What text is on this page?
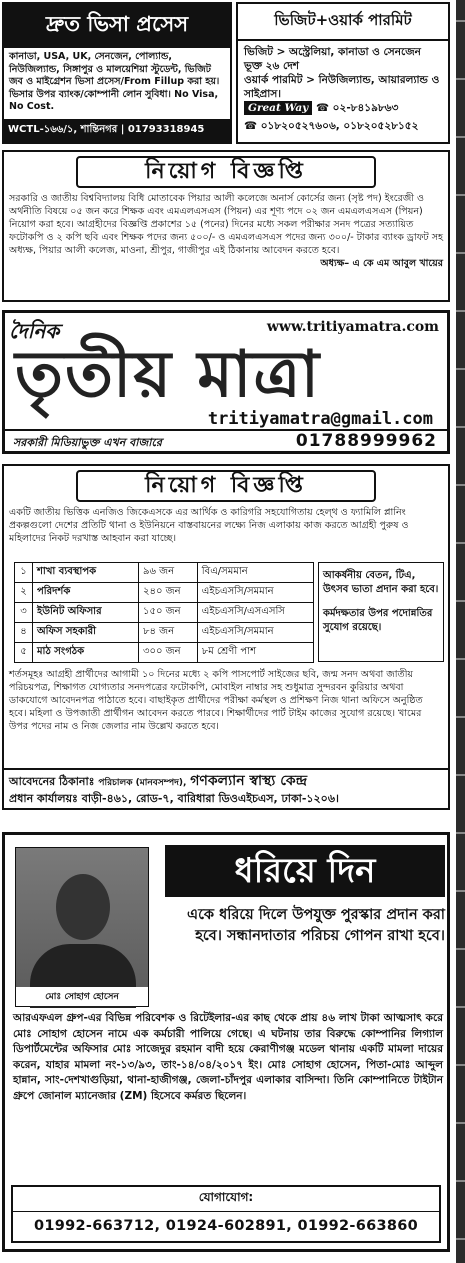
দ্রুত ভিসা প্রসেস
কানাডা, USA, UK, সেনজেন, পোল্যান্ড, নিউজিল্যান্ড, সিঙ্গাপুর ও মালয়েশিয়া স্টুডেন্ট, ভিজিট জব ও মাইগ্রেশন ভিসা প্রসেস/From Fillup করা হয়। ভিসার উপর ব্যাংক/কোম্পানী লোন সুবিধা। No Visa, No Cost.
WCTL-১৬৬/১, শান্তিনগর | 01793318945
ভিজিট+ওয়ার্ক পারমিট
ভিজিট > অস্ট্রেলিয়া, কানাডা ও সেনজেন ভূক্ত ২৬ দেশ
ওয়ার্ক পারমিট > নিউজিল্যান্ড, আয়ারল্যান্ড ও সাইপ্রাস।
Great Way ☎ ০২-৮৪১৯৮৬৩
☎ ০১৮২০৫২৭৬০৬, ০১৮২০৫২৮১৫২
নিয়োগ বিজ্ঞপ্তি
সরকারি ও জাতীয় বিশ্ববিদ্যালয় বিধি মোতাবেক পিয়ার আলী কলেজে অনার্স কোর্সের জন্য (সৃষ্ট পদ) ইংরেজী ও অর্থনীতি বিষয়ে ০৫ জন করে শিক্ষক এবং এমএলএসএস (পিয়ন) এর শূণ্য পদে ০২ জন এমএলএসএস (পিয়ন) নিয়োগ করা হবে। আগ্রহীদের বিজ্ঞপ্তি প্রকাশের ১৫ (পনের) দিনের মধ্যে সকল পরীক্ষার সনদ পত্রের সত্যায়িত ফটোকপি ও ২ কপি ছবি এবং শিক্ষক পদের জন্য ৫০০/- ও এমএলএসএস পদের জন্য ৩০০/- টাকার ব্যাংক ড্রাফট সহ অধ্যক্ষ, পিয়ার আলী কলেজ, মাওনা, শ্রীপুর, গাজীপুর এই ঠিকানায় আবেদন করতে হবে।
অধ্যক্ষ– এ কে এম আবুল খায়ের
দৈনিক	www.tritiyamatra.com
তৃতীয় মাত্রা
tritiyamatra@gmail.com
সরকারী মিডিয়াভুক্ত এখন বাজারে	01788999962
নিয়োগ বিজ্ঞপ্তি
একটি জাতীয় ভিত্তিক এনজিও জিকেএসকে এর আর্থিক ও কারিগরি সহযোগিতায় হেল্থ ও ফ্যামিলি প্লানিং প্রকল্পগুলো দেশের প্রতিটি থানা ও ইউনিয়নে বাস্তবায়নের লক্ষ্যে নিজ এলাকায় কাজ করতে আগ্রহী পুরুষ ও মহিলাদের নিকট দরখাস্ত আহবান করা যাচ্ছে।
১	শাখা ব্যবস্থাপক	৯৬ জন	বিএ/সমমান
২	পরিদর্শক	২৪০ জন	এইচএসসি/সমমান
৩	ইউনিট অফিসার	১৫০ জন	এইচএসসি/এসএসসি
৪	অফিস সহকারী	৮৪ জন	এইচএসসি/সমমান
৫	মাঠ সংগঠক	৩০০ জন	৮ম শ্রেণী পাশ
আকর্ষনীয় বেতন, টিএ, উৎসব ভাতা প্রদান করা হবে।
কর্মদক্ষতার উপর পদোন্নতির সুযোগ রয়েছে।
শর্তসমূহঃ আগ্রহী প্রার্থীদের আগামী ১০ দিনের মধ্যে ২ কপি পাসপোর্ট সাইজের ছবি, জন্ম সনদ অথবা জাতীয় পরিচয়পত্র, শিক্ষাগত যোগ্যতার সনদপত্রের ফটোকপি, মোবাইল নাম্বার সহ শুধুমাত্র সুন্দরবন কুরিয়ার অথবা ডাকযোগে আবেদনপত্র পাঠাতে হবে। বাছাইকৃত প্রার্থীদের পরীক্ষা কর্মস্থল ও প্রশিক্ষণ নিজ থানা অফিসে অনুষ্ঠিত হবে। মহিলা ও উপজাতী প্রার্থীগন আবেদন করতে পারবে। শিক্ষার্থীদের পার্ট টাইম কাজের সুযোগ রয়েছে। খামের উপর পদের নাম ও নিজ জেলার নাম উল্লেখ করতে হবে।
আবেদনের ঠিকানাঃ পরিচালক (মানবসম্পদ), গণকল্যান স্বাস্থ্য কেন্দ্র
প্রধান কার্যালয়ঃ বাড়ী-৪৬১, রোড-৭, বারিধারা ডিওএইচএস, ঢাকা-১২০৬।
মোঃ সোহাগ হোসেন
ধরিয়ে দিন
একে ধরিয়ে দিলে উপযুক্ত পুরস্কার প্রদান করা হবে। সন্ধানদাতার পরিচয় গোপন রাখা হবে।
আরএফএল গ্রুপ-এর বিভিন্ন পরিবেশক ও রিটেইলার-এর কাছ থেকে প্রায় ৪৬ লাখ টাকা আত্মসাৎ করে মোঃ সোহাগ হোসেন নামে এক কর্মচারী পালিয়ে গেছে। এ ঘটনায় তার বিরুদ্ধে কোম্পানির লিগ্যাল ডিপার্টমেন্টের অফিসার মোঃ সাজেদুর রহমান বাদী হয়ে কেরাণীগঞ্জ মডেল থানায় একটি মামলা দায়ের করেন, যাহার মামলা নং-১৩/৯৩, তাং-১৪/০৪/২০১৭ ইং। মোঃ সোহাগ হোসেন, পিতা-মোঃ আব্দুল হান্নান, সাং-দেশখাগুড়িয়া, থানা-হাজীগঞ্জ, জেলা-চাঁদপুর এলাকার বাসিন্দা। তিনি কোম্পানিতে টাইটান গ্রুপে জোনাল ম্যানেজার (ZM) হিসেবে কর্মরত ছিলেন।
যোগাযোগ:
01992-663712, 01924-602891, 01992-663860
